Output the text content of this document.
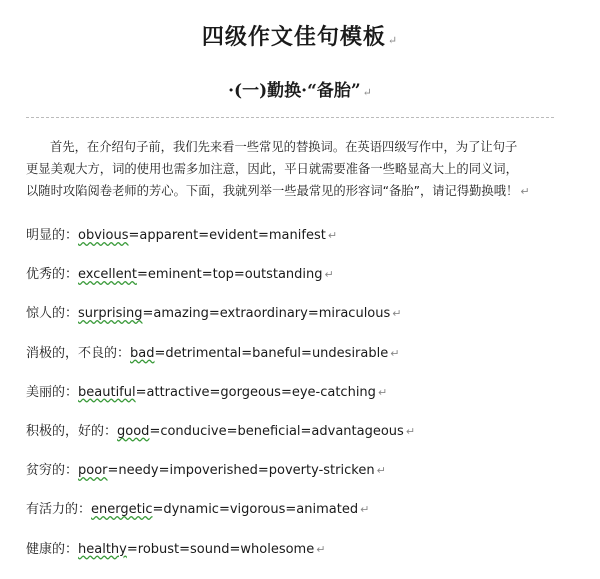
四级作文佳句模板 ↵
·(一)勤换·“备胎” ↵

首先，在介绍句子前，我们先来看一些常见的替换词。在英语四级写作中，为了让句子
更显美观大方，词的使用也需多加注意，因此，平日就需要准备一些略显高大上的同义词，
以随时攻陷阅卷老师的芳心。下面，我就列举一些最常见的形容词“备胎”，请记得勤换哦！ ↵

明显的：obvious=apparent=evident=manifest ↵
优秀的：excellent=eminent=top=outstanding ↵
惊人的：surprising=amazing=extraordinary=miraculous ↵
消极的，不良的：bad=detrimental=baneful=undesirable ↵
美丽的：beautiful=attractive=gorgeous=eye-catching ↵
积极的，好的：good=conducive=beneficial=advantageous ↵
贫穷的：poor=needy=impoverished=poverty-stricken ↵
有活力的：energetic=dynamic=vigorous=animated ↵
健康的：healthy=robust=sound=wholesome ↵
